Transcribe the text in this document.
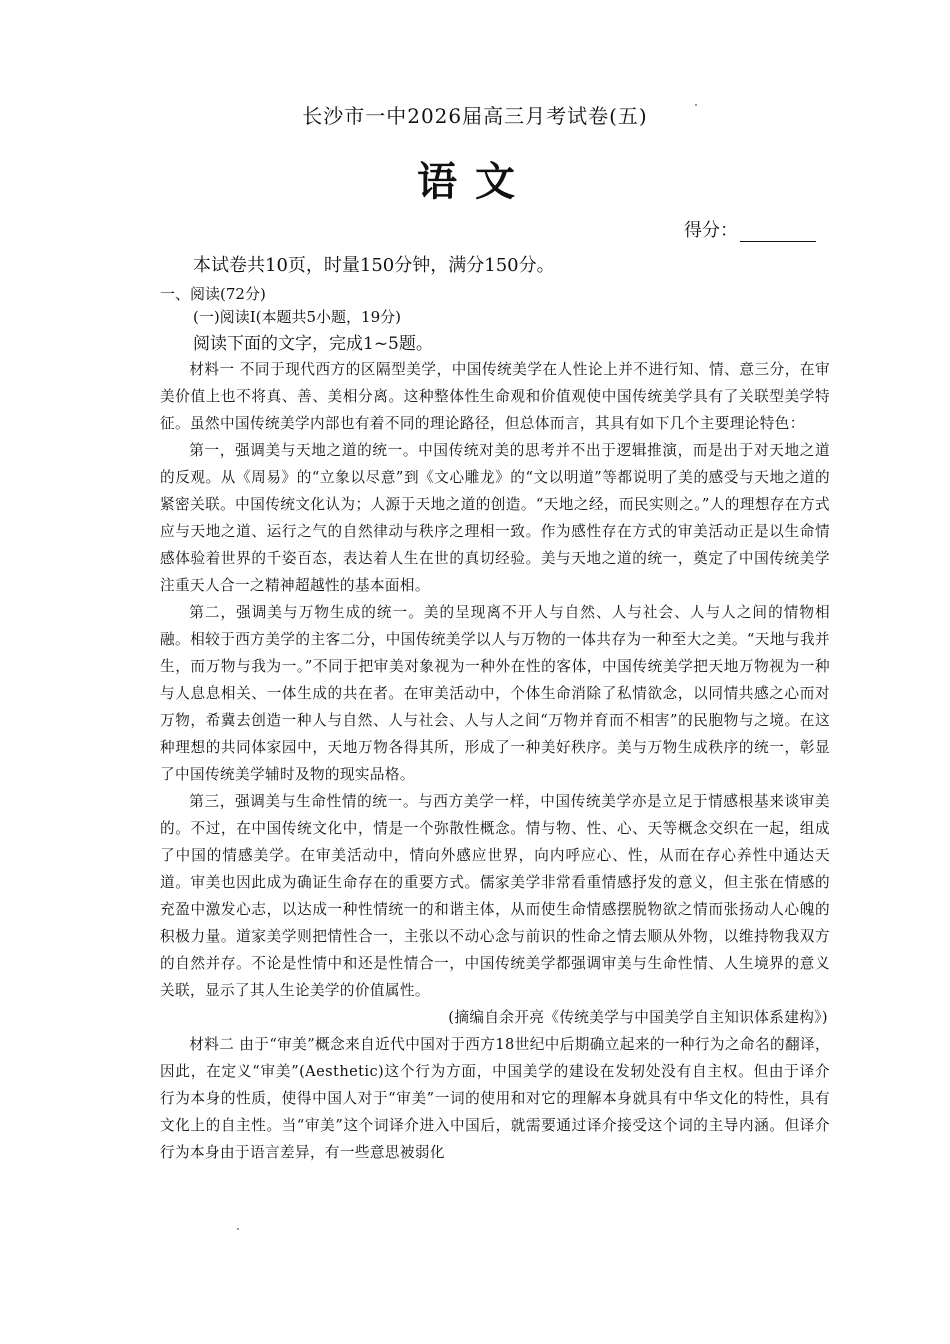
长沙市一中2026届高三月考试卷(五)
语文
得分：
本试卷共10页，时量150分钟，满分150分。
一、阅读(72分)
(一)阅读Ⅰ(本题共5小题，19分)
阅读下面的文字，完成1~5题。

材料一 不同于现代西方的区隔型美学，中国传统美学在人性论上并不进行知、情、意三分，在审美价值上也不将真、善、美相分离。这种整体性生命观和价值观使中国传统美学具有了关联型美学特征。虽然中国传统美学内部也有着不同的理论路径，但总体而言，其具有如下几个主要理论特色：

第一，强调美与天地之道的统一。中国传统对美的思考并不出于逻辑推演，而是出于对天地之道的反观。从《周易》的“立象以尽意”到《文心雕龙》的“文以明道”等都说明了美的感受与天地之道的紧密关联。中国传统文化认为；人源于天地之道的创造。“天地之经，而民实则之。”人的理想存在方式应与天地之道、运行之气的自然律动与秩序之理相一致。作为感性存在方式的审美活动正是以生命情感体验着世界的千姿百态，表达着人生在世的真切经验。美与天地之道的统一，奠定了中国传统美学注重天人合一之精神超越性的基本面相。

第二，强调美与万物生成的统一。美的呈现离不开人与自然、人与社会、人与人之间的情物相融。相较于西方美学的主客二分，中国传统美学以人与万物的一体共存为一种至大之美。“天地与我并生，而万物与我为一。”不同于把审美对象视为一种外在性的客体，中国传统美学把天地万物视为一种与人息息相关、一体生成的共在者。在审美活动中，个体生命消除了私情欲念，以同情共感之心而对万物，希冀去创造一种人与自然、人与社会、人与人之间“万物并育而不相害”的民胞物与之境。在这种理想的共同体家园中，天地万物各得其所，形成了一种美好秩序。美与万物生成秩序的统一，彰显了中国传统美学辅时及物的现实品格。

第三，强调美与生命性情的统一。与西方美学一样，中国传统美学亦是立足于情感根基来谈审美的。不过，在中国传统文化中，情是一个弥散性概念。情与物、性、心、天等概念交织在一起，组成了中国的情感美学。在审美活动中，情向外感应世界，向内呼应心、性，从而在存心养性中通达天道。审美也因此成为确证生命存在的重要方式。儒家美学非常看重情感抒发的意义，但主张在情感的充盈中激发心志，以达成一种性情统一的和谐主体，从而使生命情感摆脱物欲之情而张扬动人心魄的积极力量。道家美学则把情性合一，主张以不动心念与前识的性命之情去顺从外物，以维持物我双方的自然并存。不论是性情中和还是性情合一，中国传统美学都强调审美与生命性情、人生境界的意义关联，显示了其人生论美学的价值属性。

(摘编自余开亮《传统美学与中国美学自主知识体系建构》)

材料二 由于“审美”概念来自近代中国对于西方18世纪中后期确立起来的一种行为之命名的翻译，因此，在定义“审美”(Aesthetic)这个行为方面，中国美学的建设在发轫处没有自主权。但由于译介行为本身的性质，使得中国人对于“审美”一词的使用和对它的理解本身就具有中华文化的特性，具有文化上的自主性。当“审美”这个词译介进入中国后，就需要通过译介接受这个词的主导内涵。但译介行为本身由于语言差异，有一些意思被弱化
